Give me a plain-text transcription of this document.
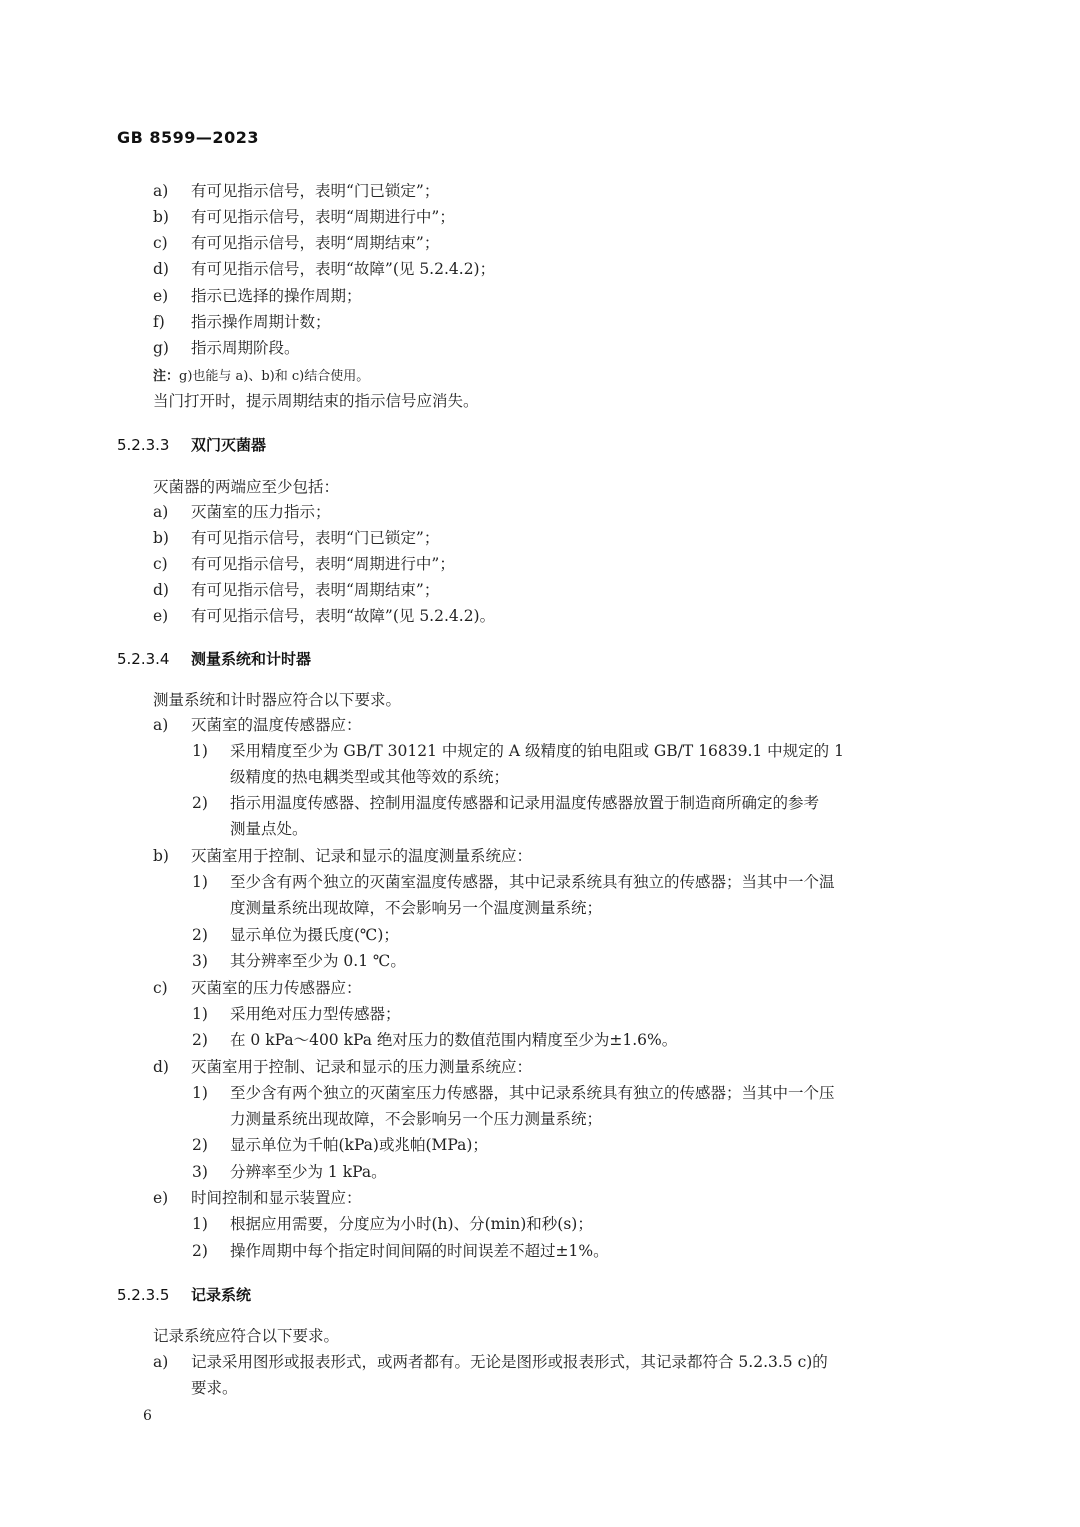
GB 8599—2023
a) 有可见指示信号，表明“门已锁定”；
b) 有可见指示信号，表明“周期进行中”；
c) 有可见指示信号，表明“周期结束”；
d) 有可见指示信号，表明“故障”(见 5.2.4.2)；
e) 指示已选择的操作周期；
f) 指示操作周期计数；
g) 指示周期阶段。
注：g)也能与 a)、b)和 c)结合使用。
当门打开时，提示周期结束的指示信号应消失。
5.2.3.3 双门灭菌器
灭菌器的两端应至少包括：
a) 灭菌室的压力指示；
b) 有可见指示信号，表明“门已锁定”；
c) 有可见指示信号，表明“周期进行中”；
d) 有可见指示信号，表明“周期结束”；
e) 有可见指示信号，表明“故障”(见 5.2.4.2)。
5.2.3.4 测量系统和计时器
测量系统和计时器应符合以下要求。
a) 灭菌室的温度传感器应：
1) 采用精度至少为 GB/T 30121 中规定的 A 级精度的铂电阻或 GB/T 16839.1 中规定的 1
级精度的热电耦类型或其他等效的系统；
2) 指示用温度传感器、控制用温度传感器和记录用温度传感器放置于制造商所确定的参考
测量点处。
b) 灭菌室用于控制、记录和显示的温度测量系统应：
1) 至少含有两个独立的灭菌室温度传感器，其中记录系统具有独立的传感器；当其中一个温
度测量系统出现故障，不会影响另一个温度测量系统；
2) 显示单位为摄氏度(℃)；
3) 其分辨率至少为 0.1 ℃。
c) 灭菌室的压力传感器应：
1) 采用绝对压力型传感器；
2) 在 0 kPa～400 kPa 绝对压力的数值范围内精度至少为±1.6%。
d) 灭菌室用于控制、记录和显示的压力测量系统应：
1) 至少含有两个独立的灭菌室压力传感器，其中记录系统具有独立的传感器；当其中一个压
力测量系统出现故障，不会影响另一个压力测量系统；
2) 显示单位为千帕(kPa)或兆帕(MPa)；
3) 分辨率至少为 1 kPa。
e) 时间控制和显示装置应：
1) 根据应用需要，分度应为小时(h)、分(min)和秒(s)；
2) 操作周期中每个指定时间间隔的时间误差不超过±1%。
5.2.3.5 记录系统
记录系统应符合以下要求。
a) 记录采用图形或报表形式，或两者都有。无论是图形或报表形式，其记录都符合 5.2.3.5 c)的
要求。
6
